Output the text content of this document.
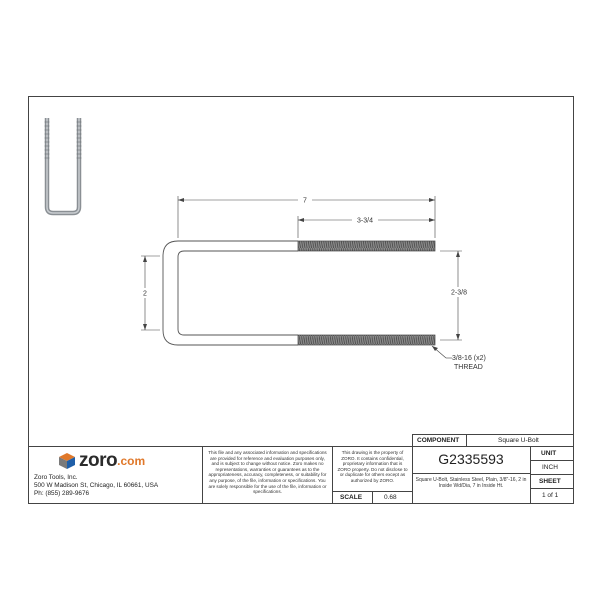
7
3-3/4
2	2-3/8
3/8-16 (x2)
THREAD
zoro .com
Zoro Tools, Inc.
500 W Madison St, Chicago, IL 60661, USA
Ph: (855) 289-9676
This file and any associated information and specifications are provided for reference and evaluation purposes only, and is subject to change without notice. Zoro makes no representations, warranties or guarantees as to the appropriateness, accuracy, completeness, or suitability for any purpose, of the file, information or specifications. You are solely responsible for the use of the file, information or specifications.
This drawing is the property of ZORO. It contains confidential, proprietary information that is ZORO property. Do not disclose to or duplicate for others except as authorized by ZORO.
SCALE	0.68
COMPONENT	Square U-Bolt
G2335593
Square U-Bolt, Stainless Steel, Plain, 3/8"-16, 2 in Inside Wd/Dia, 7 in Inside Ht.
UNIT
INCH
SHEET
1 of 1
